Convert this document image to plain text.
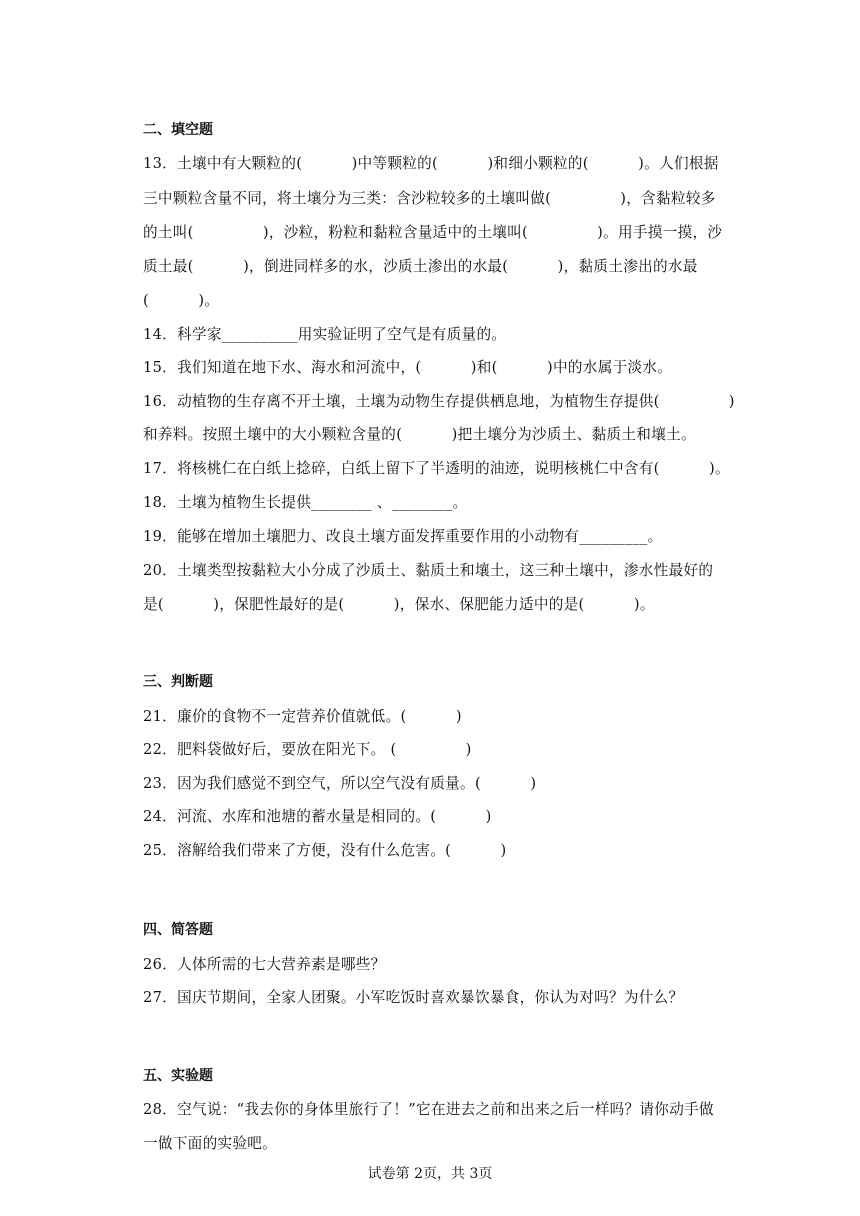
二、填空题
13．土壤中有大颗粒的(          )中等颗粒的(          )和细小颗粒的(          )。人们根据
三中颗粒含量不同，将土壤分为三类：含沙粒较多的土壤叫做(              )，含黏粒较多
的土叫(              )，沙粒，粉粒和黏粒含量适中的土壤叫(              )。用手摸一摸，沙
质土最(          )，倒进同样多的水，沙质土渗出的水最(          )，黏质土渗出的水最
(          )。
14．科学家__________用实验证明了空气是有质量的。
15．我们知道在地下水、海水和河流中，(          )和(          )中的水属于淡水。
16．动植物的生存离不开土壤，土壤为动物生存提供栖息地，为植物生存提供(              )
和养料。按照土壤中的大小颗粒含量的(          )把土壤分为沙质土、黏质土和壤土。
17．将核桃仁在白纸上捻碎，白纸上留下了半透明的油迹，说明核桃仁中含有(          )。
18．土壤为植物生长提供________ 、________。
19．能够在增加土壤肥力、改良土壤方面发挥重要作用的小动物有_________。
20．土壤类型按黏粒大小分成了沙质土、黏质土和壤土，这三种土壤中，渗水性最好的
是(          )，保肥性最好的是(          )，保水、保肥能力适中的是(          )。
三、判断题
21．廉价的食物不一定营养价值就低。(          )
22．肥料袋做好后，要放在阳光下。 (              )
23．因为我们感觉不到空气，所以空气没有质量。(          )
24．河流、水库和池塘的蓄水量是相同的。(          )
25．溶解给我们带来了方便，没有什么危害。(          )
四、简答题
26．人体所需的七大营养素是哪些？
27．国庆节期间，全家人团聚。小军吃饭时喜欢暴饮暴食，你认为对吗？为什么？
五、实验题
28．空气说：“我去你的身体里旅行了！”它在进去之前和出来之后一样吗？请你动手做
一做下面的实验吧。
试卷第 2页，共 3页
